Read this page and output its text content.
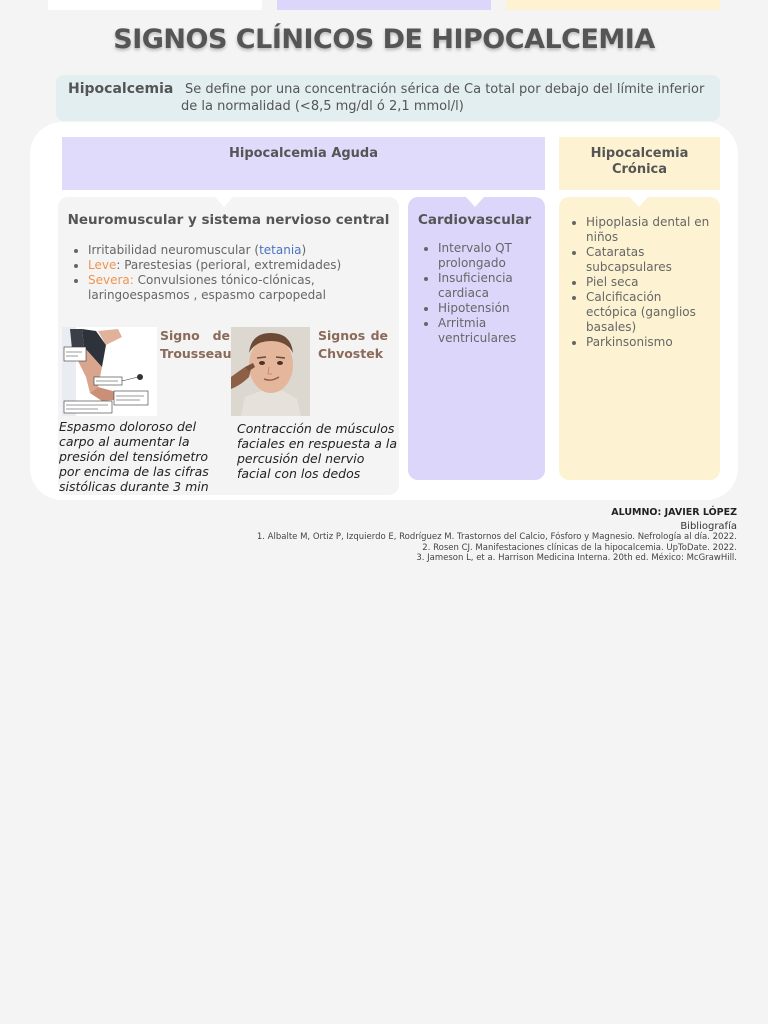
SIGNOS CLÍNICOS DE HIPOCALCEMIA
Hipocalcemia Se define por una concentración sérica de Ca total por debajo del límite inferior de la normalidad (<8,5 mg/dl ó 2,1 mmol/l)
Hipocalcemia Aguda	Hipocalcemia
Crónica
Neuromuscular y sistema nervioso central
• Irritabilidad neuromuscular (tetania)
• Leve: Parestesias (perioral, extremidades)
• Severa: Convulsiones tónico-clónicas, laringoespasmos , espasmo carpopedal
Signo de
Trousseau
Espasmo doloroso del carpo al aumentar la presión del tensiómetro por encima de las cifras sistólicas durante 3 min
Signos de
Chvostek
Contracción de músculos faciales en respuesta a la percusión del nervio facial con los dedos
Cardiovascular
• Intervalo QT prolongado
• Insuficiencia cardiaca
• Hipotensión
• Arritmia ventriculares
• Hipoplasia dental en niños
• Cataratas subcapsulares
• Piel seca
• Calcificación ectópica (ganglios basales)
• Parkinsonismo
ALUMNO: JAVIER LÓPEZ
Bibliografía
1. Albalte M, Ortiz P, Izquierdo E, Rodríguez M. Trastornos del Calcio, Fósforo y Magnesio. Nefrología al día. 2022.
2. Rosen CJ. Manifestaciones clínicas de la hipocalcemia. UpToDate. 2022.
3. Jameson L, et a. Harrison Medicina Interna. 20th ed. México: McGrawHill.
